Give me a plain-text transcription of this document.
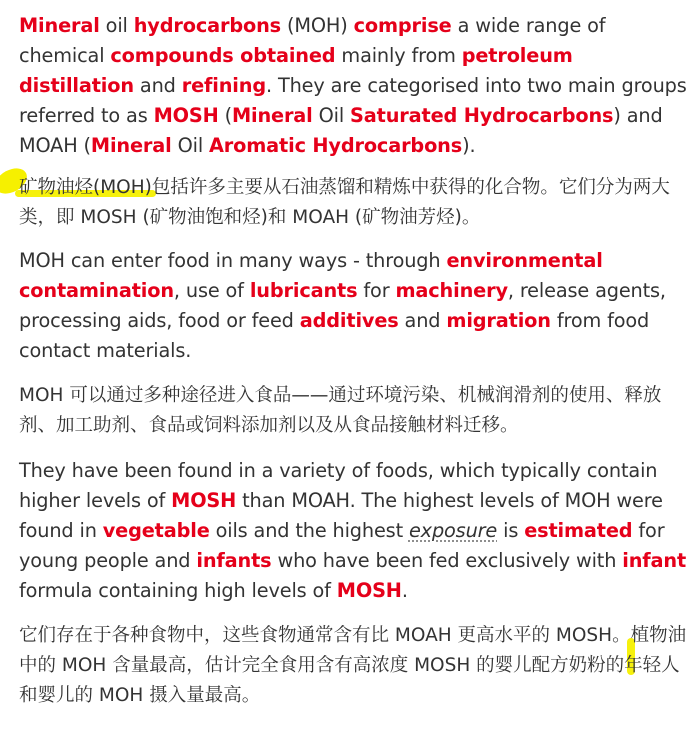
Mineral oil hydrocarbons (MOH) comprise a wide range of chemical compounds obtained mainly from petroleum distillation and refining. They are categorised into two main groups referred to as MOSH (Mineral Oil Saturated Hydrocarbons) and MOAH (Mineral Oil Aromatic Hydrocarbons).

矿物油烃(MOH)包括许多主要从石油蒸馏和精炼中获得的化合物。它们分为两大类，即 MOSH (矿物油饱和烃)和 MOAH (矿物油芳烃)。

MOH can enter food in many ways - through environmental contamination, use of lubricants for machinery, release agents, processing aids, food or feed additives and migration from food contact materials.

MOH 可以通过多种途径进入食品——通过环境污染、机械润滑剂的使用、释放剂、加工助剂、食品或饲料添加剂以及从食品接触材料迁移。

They have been found in a variety of foods, which typically contain higher levels of MOSH than MOAH. The highest levels of MOH were found in vegetable oils and the highest exposure is estimated for young people and infants who have been fed exclusively with infant formula containing high levels of MOSH.

它们存在于各种食物中，这些食物通常含有比 MOAH 更高水平的 MOSH。植物油中的 MOH 含量最高，估计完全食用含有高浓度 MOSH 的婴儿配方奶粉的年轻人和婴儿的 MOH 摄入量最高。
